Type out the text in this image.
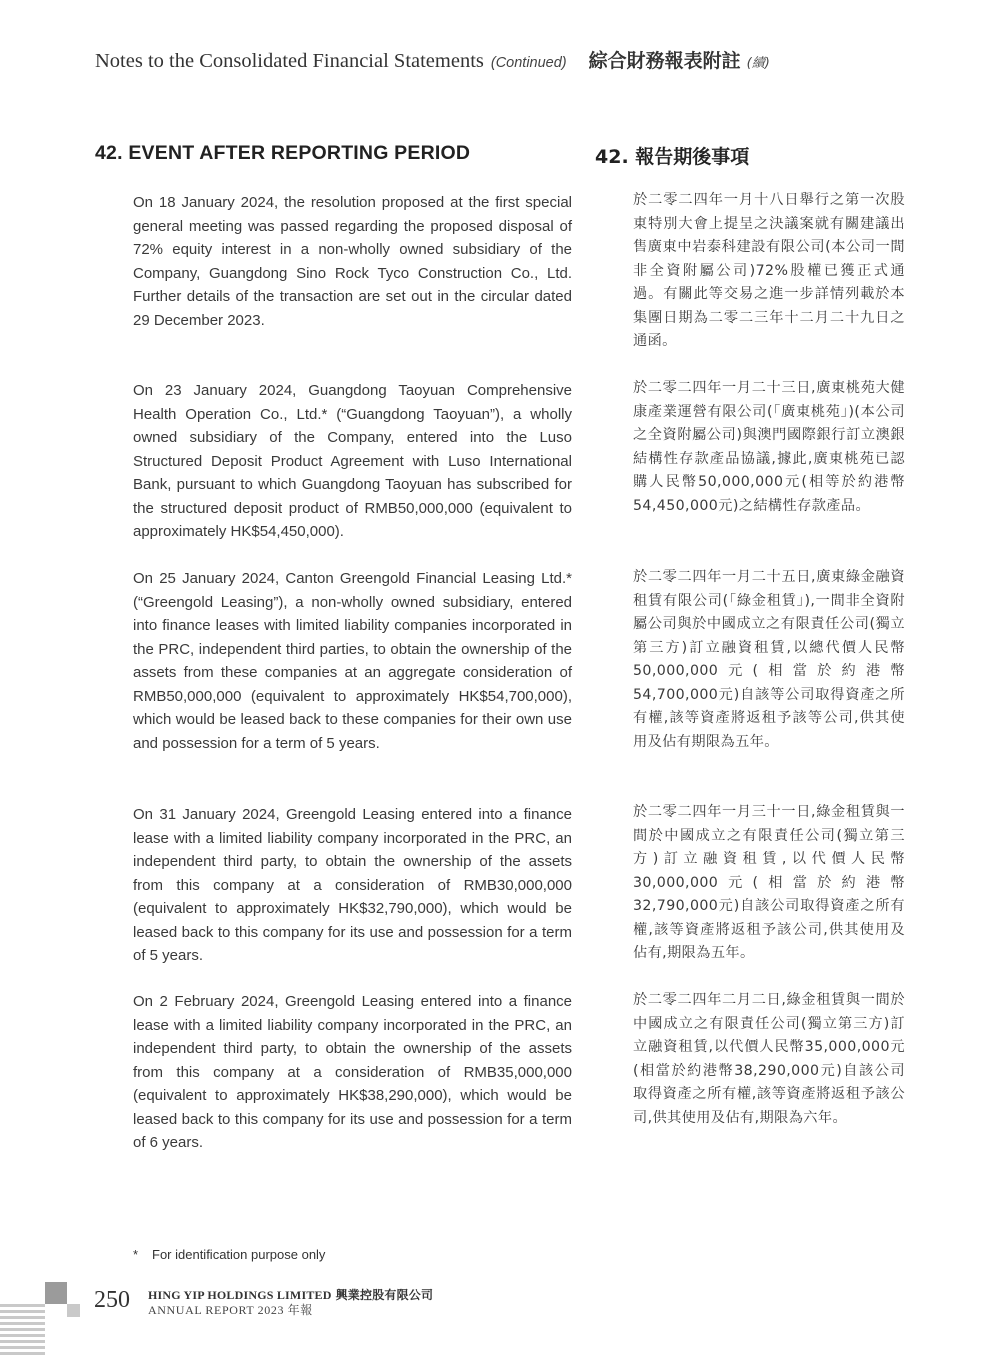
Notes to the Consolidated Financial Statements (Continued) 綜合財務報表附註 (續)
42. EVENT AFTER REPORTING PERIOD	42. 報告期後事項

On 18 January 2024, the resolution proposed at the first special general meeting was passed regarding the proposed disposal of 72% equity interest in a non-wholly owned subsidiary of the Company, Guangdong Sino Rock Tyco Construction Co., Ltd. Further details of the transaction are set out in the circular dated 29 December 2023.

On 23 January 2024, Guangdong Taoyuan Comprehensive Health Operation Co., Ltd.* (“Guangdong Taoyuan”), a wholly owned subsidiary of the Company, entered into the Luso Structured Deposit Product Agreement with Luso International Bank, pursuant to which Guangdong Taoyuan has subscribed for the structured deposit product of RMB50,000,000 (equivalent to approximately HK$54,450,000).

On 25 January 2024, Canton Greengold Financial Leasing Ltd.* (“Greengold Leasing”), a non-wholly owned subsidiary, entered into finance leases with limited liability companies incorporated in the PRC, independent third parties, to obtain the ownership of the assets from these companies at an aggregate consideration of RMB50,000,000 (equivalent to approximately HK$54,700,000), which would be leased back to these companies for their own use and possession for a term of 5 years.

On 31 January 2024, Greengold Leasing entered into a finance lease with a limited liability company incorporated in the PRC, an independent third party, to obtain the ownership of the assets from this company at a consideration of RMB30,000,000 (equivalent to approximately HK$32,790,000), which would be leased back to this company for its use and possession for a term of 5 years.

On 2 February 2024, Greengold Leasing entered into a finance lease with a limited liability company incorporated in the PRC, an independent third party, to obtain the ownership of the assets from this company at a consideration of RMB35,000,000 (equivalent to approximately HK$38,290,000), which would be leased back to this company for its use and possession for a term of 6 years.

於二零二四年一月十八日舉行之第一次股東特別大會上提呈之決議案就有關建議出售廣東中岩泰科建設有限公司(本公司一間非全資附屬公司)72%股權已獲正式通過。有關此等交易之進一步詳情列載於本集團日期為二零二三年十二月二十九日之通函。

於二零二四年一月二十三日,廣東桃苑大健康產業運營有限公司(「廣東桃苑」)(本公司之全資附屬公司)與澳門國際銀行訂立澳銀結構性存款產品協議,據此,廣東桃苑已認購人民幣50,000,000元(相等於約港幣54,450,000元)之結構性存款產品。

於二零二四年一月二十五日,廣東綠金融資租賃有限公司(「綠金租賃」),一間非全資附屬公司與於中國成立之有限責任公司(獨立第三方)訂立融資租賃,以總代價人民幣50,000,000元(相當於約港幣54,700,000元)自該等公司取得資產之所有權,該等資產將返租予該等公司,供其使用及佔有期限為五年。

於二零二四年一月三十一日,綠金租賃與一間於中國成立之有限責任公司(獨立第三方)訂立融資租賃,以代價人民幣30,000,000元(相當於約港幣32,790,000元)自該公司取得資產之所有權,該等資產將返租予該公司,供其使用及佔有,期限為五年。

於二零二四年二月二日,綠金租賃與一間於中國成立之有限責任公司(獨立第三方)訂立融資租賃,以代價人民幣35,000,000元(相當於約港幣38,290,000元)自該公司取得資產之所有權,該等資產將返租予該公司,供其使用及佔有,期限為六年。

* For identification purpose only
250 HING YIP HOLDINGS LIMITED 興業控股有限公司
ANNUAL REPORT 2023 年報
